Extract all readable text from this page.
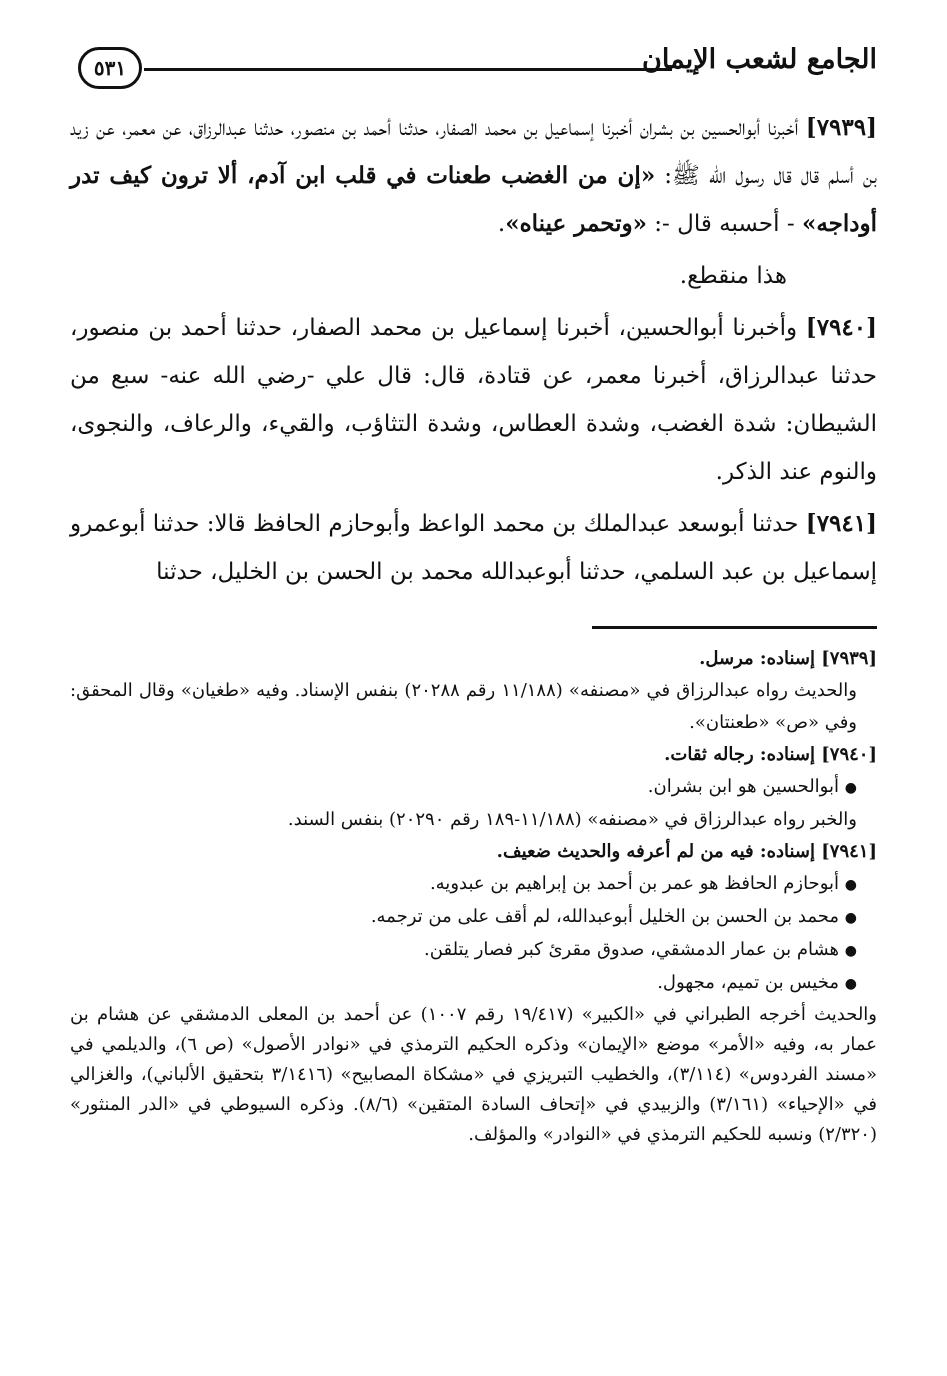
الجامع لشعب الإيمان
٥٣١

[٧٩٣٩] أخبرنا أبوالحسين بن بشران أخبرنا إسماعيل بن محمد الصفار، حدثنا أحمد بن منصور، حدثنا عبدالرزاق، عن معمر، عن زيد بن أسلم قال قال رسول الله ﷺ: «إن من الغضب طعنات في قلب ابن آدم، ألا ترون كيف تدر أوداجه» - أحسبه قال -: «وتحمر عيناه».

هذا منقطع.

[٧٩٤٠] وأخبرنا أبوالحسين، أخبرنا إسماعيل بن محمد الصفار، حدثنا أحمد بن منصور، حدثنا عبدالرزاق، أخبرنا معمر، عن قتادة، قال: قال علي -رضي الله عنه- سبع من الشيطان: شدة الغضب، وشدة العطاس، وشدة التثاؤب، والقيء، والرعاف، والنجوى، والنوم عند الذكر.

[٧٩٤١] حدثنا أبوسعد عبدالملك بن محمد الواعظ وأبوحازم الحافظ قالا: حدثنا أبوعمرو إسماعيل بن عبد السلمي، حدثنا أبوعبدالله محمد بن الحسن بن الخليل، حدثنا

[٧٩٣٩] إسناده: مرسل.

والحديث رواه عبدالرزاق في «مصنفه» (١١/١٨٨ رقم ٢٠٢٨٨) بنفس الإسناد. وفيه «طغيان» وقال المحقق: وفي «ص» «طعنتان».

[٧٩٤٠] إسناده: رجاله ثقات.

●أبوالحسين هو ابن بشران.

والخبر رواه عبدالرزاق في «مصنفه» (١١/١٨٨-١٨٩ رقم ٢٠٢٩٠) بنفس السند.

[٧٩٤١] إسناده: فيه من لم أعرفه والحديث ضعيف.

●أبوحازم الحافظ هو عمر بن أحمد بن إبراهيم بن عبدويه.
●محمد بن الحسن بن الخليل أبوعبدالله، لم أقف على من ترجمه.
●هشام بن عمار الدمشقي، صدوق مقرئ كبر فصار يتلقن.
●مخيس بن تميم، مجهول.

والحديث أخرجه الطبراني في «الكبير» (١٩/٤١٧ رقم ١٠٠٧) عن أحمد بن المعلى الدمشقي عن هشام بن عمار به، وفيه «الأمر» موضع «الإيمان» وذكره الحكيم الترمذي في «نوادر الأصول» (ص ٦)، والديلمي في «مسند الفردوس» (٣/١١٤)، والخطيب التبريزي في «مشكاة المصابيح» (٣/١٤١٦ بتحقيق الألباني)، والغزالي في «الإحياء» (٣/١٦١) والزبيدي في «إتحاف السادة المتقين» (٨/٦). وذكره السيوطي في «الدر المنثور» (٢/٣٢٠) ونسبه للحكيم الترمذي في «النوادر» والمؤلف.
